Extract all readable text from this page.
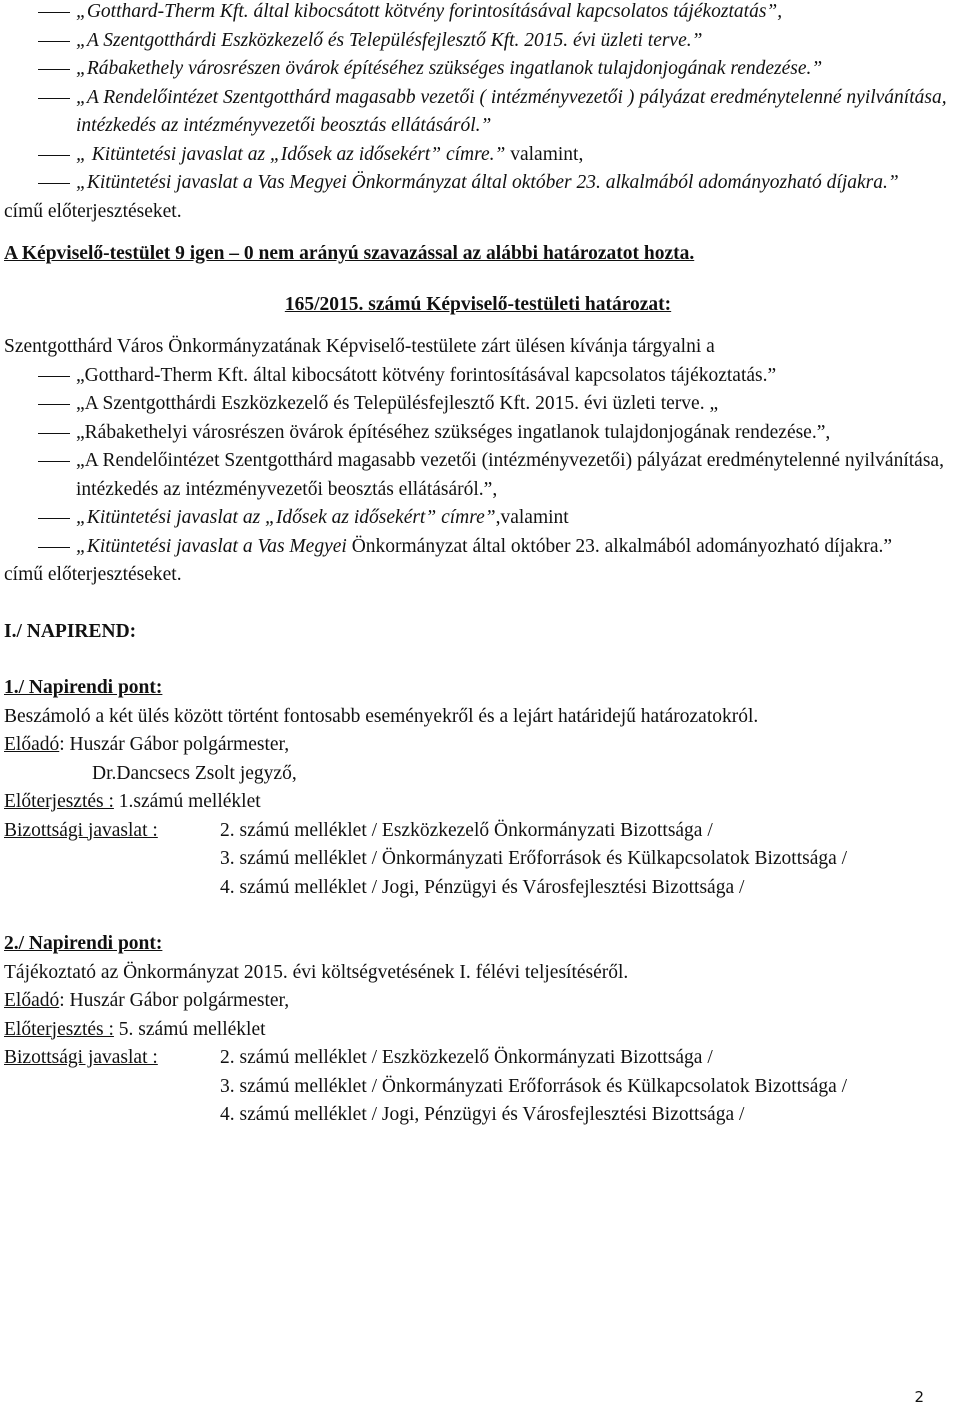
„Gotthard-Therm Kft. által kibocsátott kötvény forintosításával kapcsolatos tájékoztatás”,

„A Szentgotthárdi Eszközkezelő és Településfejlesztő Kft. 2015. évi üzleti terve.”

„Rábakethely városrészen övárok építéséhez szükséges ingatlanok tulajdonjogának rendezése.”

„A Rendelőintézet Szentgotthárd magasabb vezetői ( intézményvezetői ) pályázat eredménytelenné nyilvánítása, intézkedés az intézményvezetői beosztás ellátásáról.”

„ Kitüntetési javaslat az „Idősek az idősekért” címre.” valamint,

„Kitüntetési javaslat a Vas Megyei Önkormányzat által október 23. alkalmából adományozható díjakra.”

című előterjesztéseket.

A Képviselő-testület 9 igen – 0 nem arányú szavazással az alábbi határozatot hozta.

165/2015. számú Képviselő-testületi határozat:

Szentgotthárd Város Önkormányzatának Képviselő-testülete zárt ülésen kívánja tárgyalni a

„Gotthard-Therm Kft. által kibocsátott kötvény forintosításával kapcsolatos tájékoztatás.”

„A Szentgotthárdi Eszközkezelő és Településfejlesztő Kft. 2015. évi üzleti terve. „

„Rábakethelyi városrészen övárok építéséhez szükséges ingatlanok tulajdonjogának rendezése.”,

„A Rendelőintézet Szentgotthárd magasabb vezetői (intézményvezetői) pályázat eredménytelenné nyilvánítása, intézkedés az intézményvezetői beosztás ellátásáról.”,

„Kitüntetési javaslat az „Idősek az idősekért” címre”,valamint

„Kitüntetési javaslat a Vas Megyei Önkormányzat által október 23. alkalmából adományozható díjakra.”

című előterjesztéseket.

I./ NAPIREND:

1./ Napirendi pont:

Beszámoló a két ülés között történt fontosabb eseményekről és a lejárt határidejű határozatokról.

Előadó: Huszár Gábor polgármester,

Dr.Dancsecs Zsolt jegyző,

Előterjesztés : 1.számú melléklet

Bizottsági javaslat :	2. számú melléklet / Eszközkezelő Önkormányzati Bizottsága /

3. számú melléklet / Önkormányzati Erőforrások és Külkapcsolatok Bizottsága /

4. számú melléklet / Jogi, Pénzügyi és Városfejlesztési Bizottsága /

2./ Napirendi pont:

Tájékoztató az Önkormányzat 2015. évi költségvetésének I. félévi teljesítéséről.

Előadó: Huszár Gábor polgármester,

Előterjesztés : 5. számú melléklet

Bizottsági javaslat :	2. számú melléklet / Eszközkezelő Önkormányzati Bizottsága /

3. számú melléklet / Önkormányzati Erőforrások és Külkapcsolatok Bizottsága /

4. számú melléklet / Jogi, Pénzügyi és Városfejlesztési Bizottsága /

2
